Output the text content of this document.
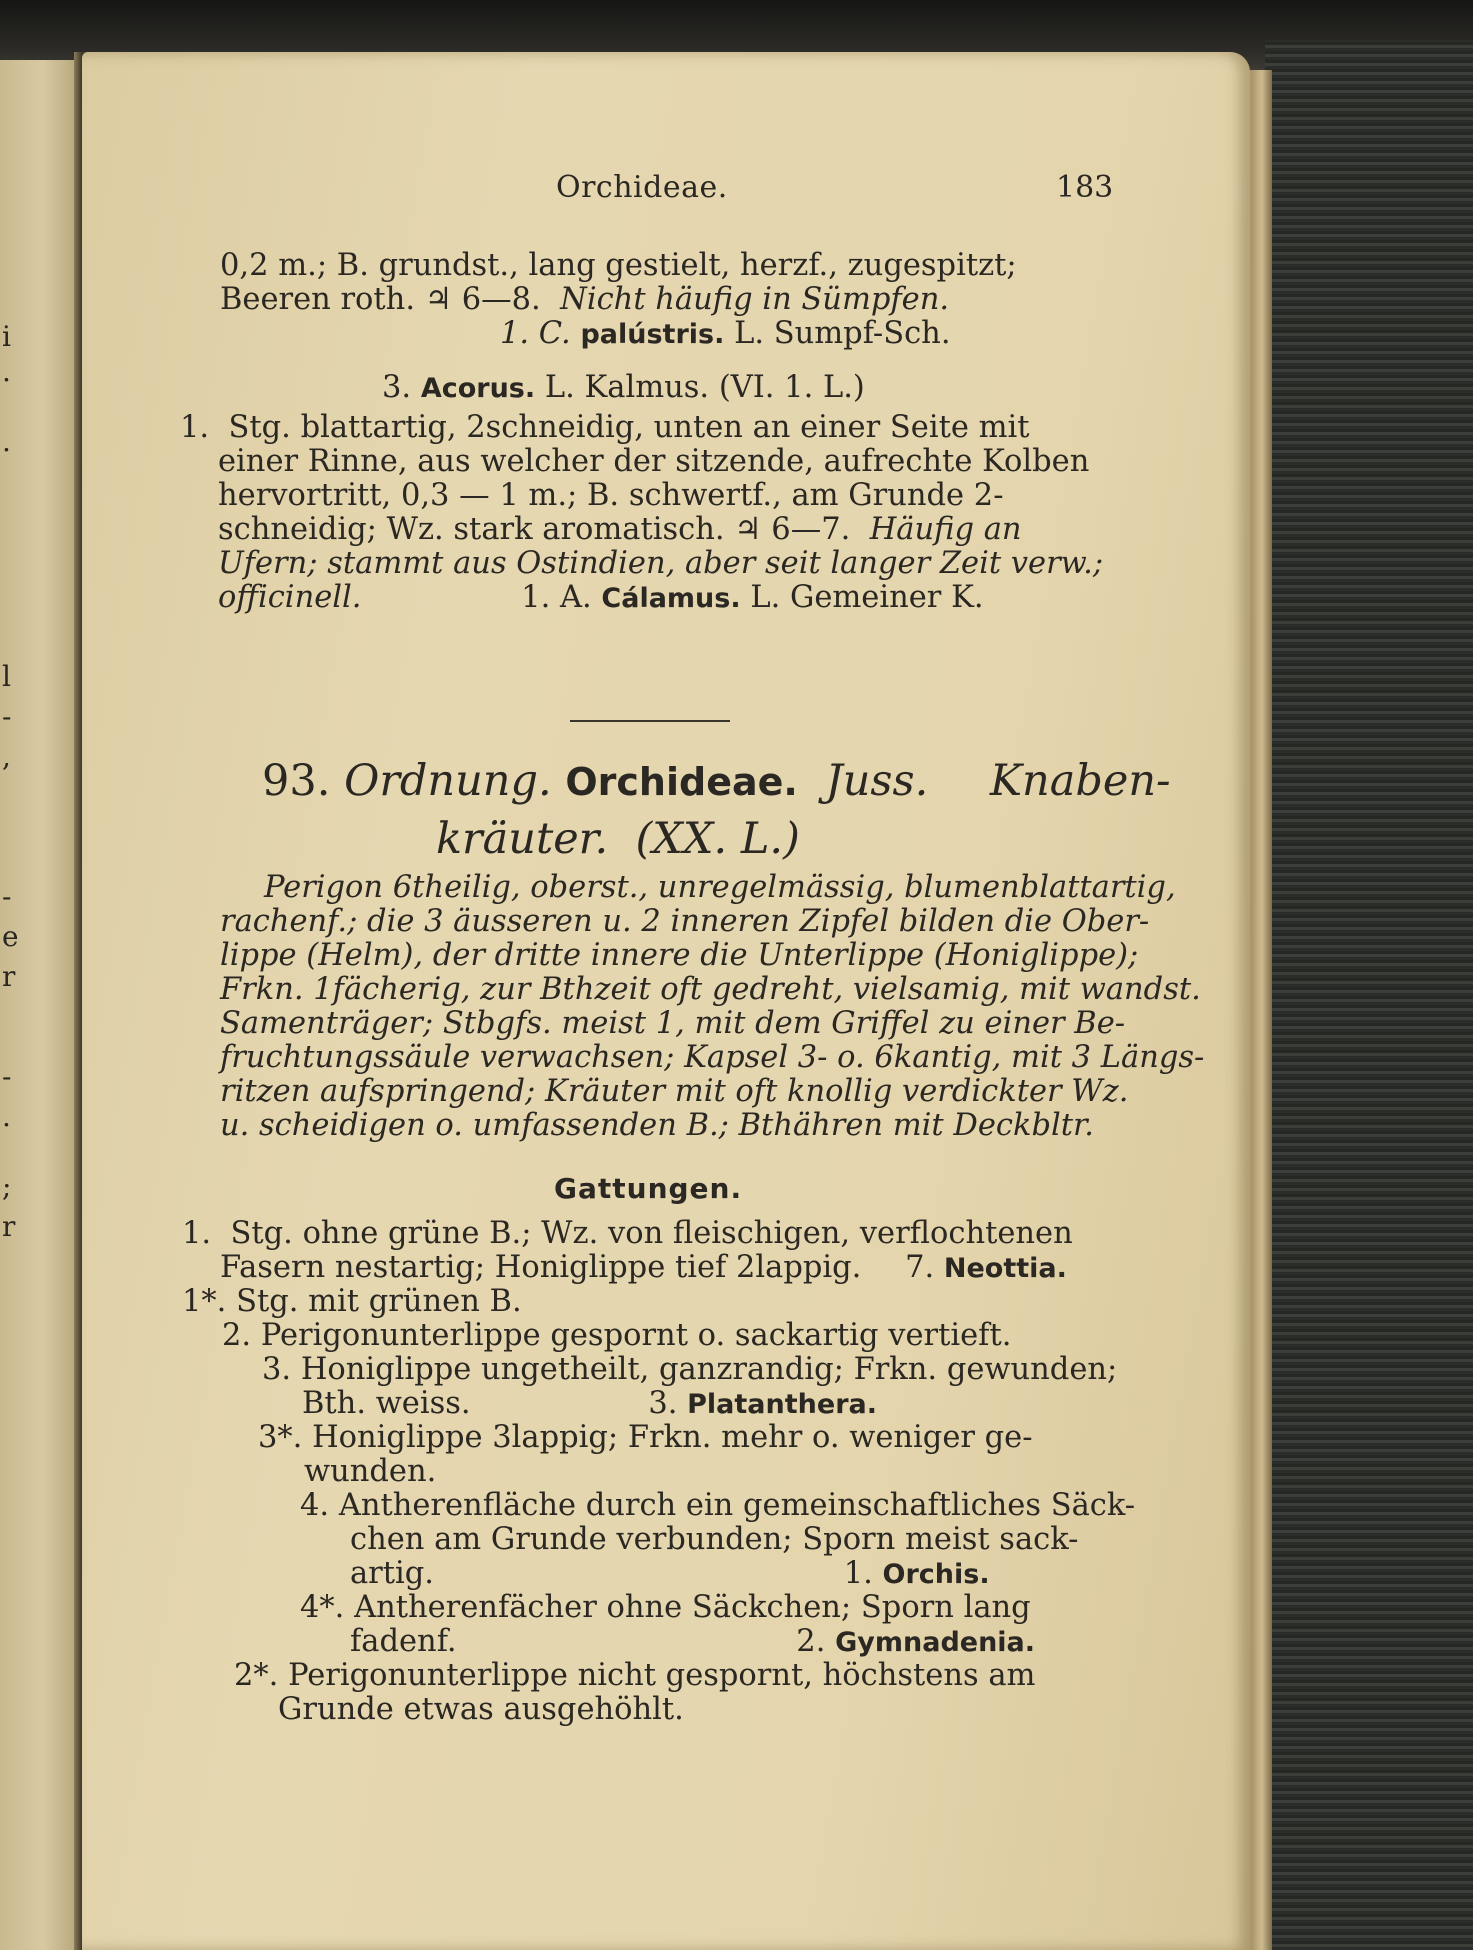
i
.
.
l
-
,
-
e
r
-
.
;
r
Orchideae.	183
0,2 m.; B. grundst., lang gestielt, herzf., zugespitzt;
Beeren roth. ♃ 6—8. Nicht häufig in Sümpfen.
1. C. palústris. L. Sumpf-Sch.
3. Acorus. L. Kalmus. (VI. 1. L.)
1. Stg. blattartig, 2schneidig, unten an einer Seite mit
einer Rinne, aus welcher der sitzende, aufrechte Kolben
hervortritt, 0,3 — 1 m.; B. schwertf., am Grunde 2-
schneidig; Wz. stark aromatisch. ♃ 6—7. Häufig an
Ufern; stammt aus Ostindien, aber seit langer Zeit verw.;
officinell.	1. A. Cálamus. L. Gemeiner K.
93. Ordnung. Orchideae. Juss. Knaben-
kräuter. (XX. L.)
Perigon 6theilig, oberst., unregelmässig, blumenblattartig,
rachenf.; die 3 äusseren u. 2 inneren Zipfel bilden die Ober-
lippe (Helm), der dritte innere die Unterlippe (Honiglippe);
Frkn. 1fächerig, zur Bthzeit oft gedreht, vielsamig, mit wandst.
Samenträger; Stbgfs. meist 1, mit dem Griffel zu einer Be-
fruchtungssäule verwachsen; Kapsel 3- o. 6kantig, mit 3 Längs-
ritzen aufspringend; Kräuter mit oft knollig verdickter Wz.
u. scheidigen o. umfassenden B.; Bthähren mit Deckbltr.
Gattungen.
1. Stg. ohne grüne B.; Wz. von fleischigen, verflochtenen
Fasern nestartig; Honiglippe tief 2lappig. 7. Neottia.
1*. Stg. mit grünen B.
2. Perigonunterlippe gespornt o. sackartig vertieft.
3. Honiglippe ungetheilt, ganzrandig; Frkn. gewunden;
Bth. weiss.	3. Platanthera.
3*. Honiglippe 3lappig; Frkn. mehr o. weniger ge-
wunden.
4. Antherenfläche durch ein gemeinschaftliches Säck-
chen am Grunde verbunden; Sporn meist sack-
artig.	1. Orchis.
4*. Antherenfächer ohne Säckchen; Sporn lang
fadenf.	2. Gymnadenia.
2*. Perigonunterlippe nicht gespornt, höchstens am
Grunde etwas ausgehöhlt.
